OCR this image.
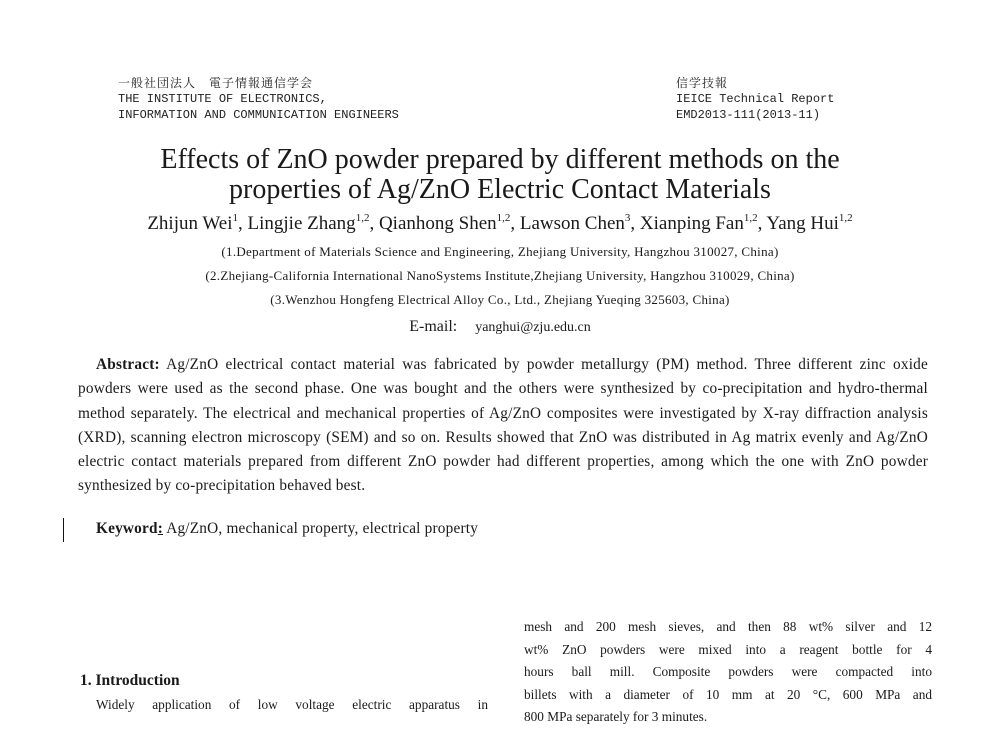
一般社団法人　電子情報通信学会
THE INSTITUTE OF ELECTRONICS,
INFORMATION AND COMMUNICATION ENGINEERS
信学技報
IEICE Technical Report
EMD2013-111(2013-11)
Effects of ZnO powder prepared by different methods on the
properties of Ag/ZnO Electric Contact Materials
Zhijun Wei$^1$, Lingjie Zhang$^{1,2}$, Qianhong Shen$^{1,2}$, Lawson Chen$^3$, Xianping Fan$^{1,2}$, Yang Hui$^{1,2}$
(1.Department of Materials Science and Engineering, Zhejiang University, Hangzhou 310027, China)
(2.Zhejiang-California International NanoSystems Institute,Zhejiang University, Hangzhou 310029, China)
(3.Wenzhou Hongfeng Electrical Alloy Co., Ltd., Zhejiang Yueqing 325603, China)
E-mail: yanghui@zju.edu.cn
Abstract: Ag/ZnO electrical contact material was fabricated by powder metallurgy (PM) method. Three different zinc oxide powders were used as the second phase. One was bought and the others were synthesized by co-precipitation and hydro-thermal method separately. The electrical and mechanical properties of Ag/ZnO composites were investigated by X-ray diffraction analysis (XRD), scanning electron microscopy (SEM) and so on. Results showed that ZnO was distributed in Ag matrix evenly and Ag/ZnO electric contact materials prepared from different ZnO powder had different properties, among which the one with ZnO powder synthesized by co-precipitation behaved best.
Keyword: Ag/ZnO, mechanical property, electrical property
mesh and 200 mesh sieves, and then 88 wt% silver and 12
wt% ZnO powders were mixed into a reagent bottle for 4
hours ball mill. Composite powders were compacted into
billets with a diameter of 10 mm at 20 °C, 600 MPa and
800 MPa separately for 3 minutes.
1. Introduction
Widely application of low voltage electric apparatus in
